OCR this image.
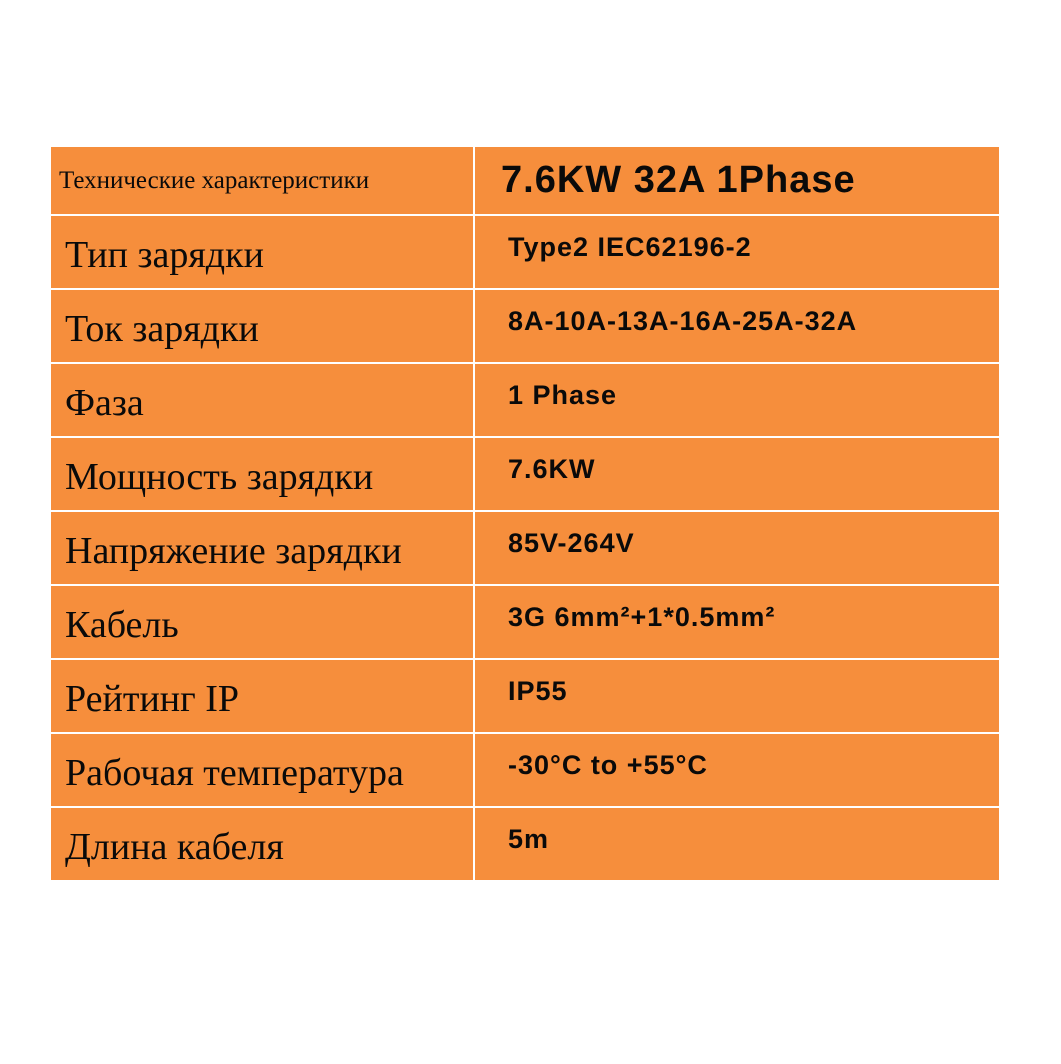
Технические характеристики	7.6KW 32A 1Phase
Тип зарядки	Type2 IEC62196-2
Ток зарядки	8A-10A-13A-16A-25A-32A
Фаза	1 Phase
Мощность зарядки	7.6KW
Напряжение зарядки	85V-264V
Кабель	3G 6mm²+1*0.5mm²
Рейтинг IP	IP55
Рабочая температура	-30°C to +55°C
Длина кабеля	5m
